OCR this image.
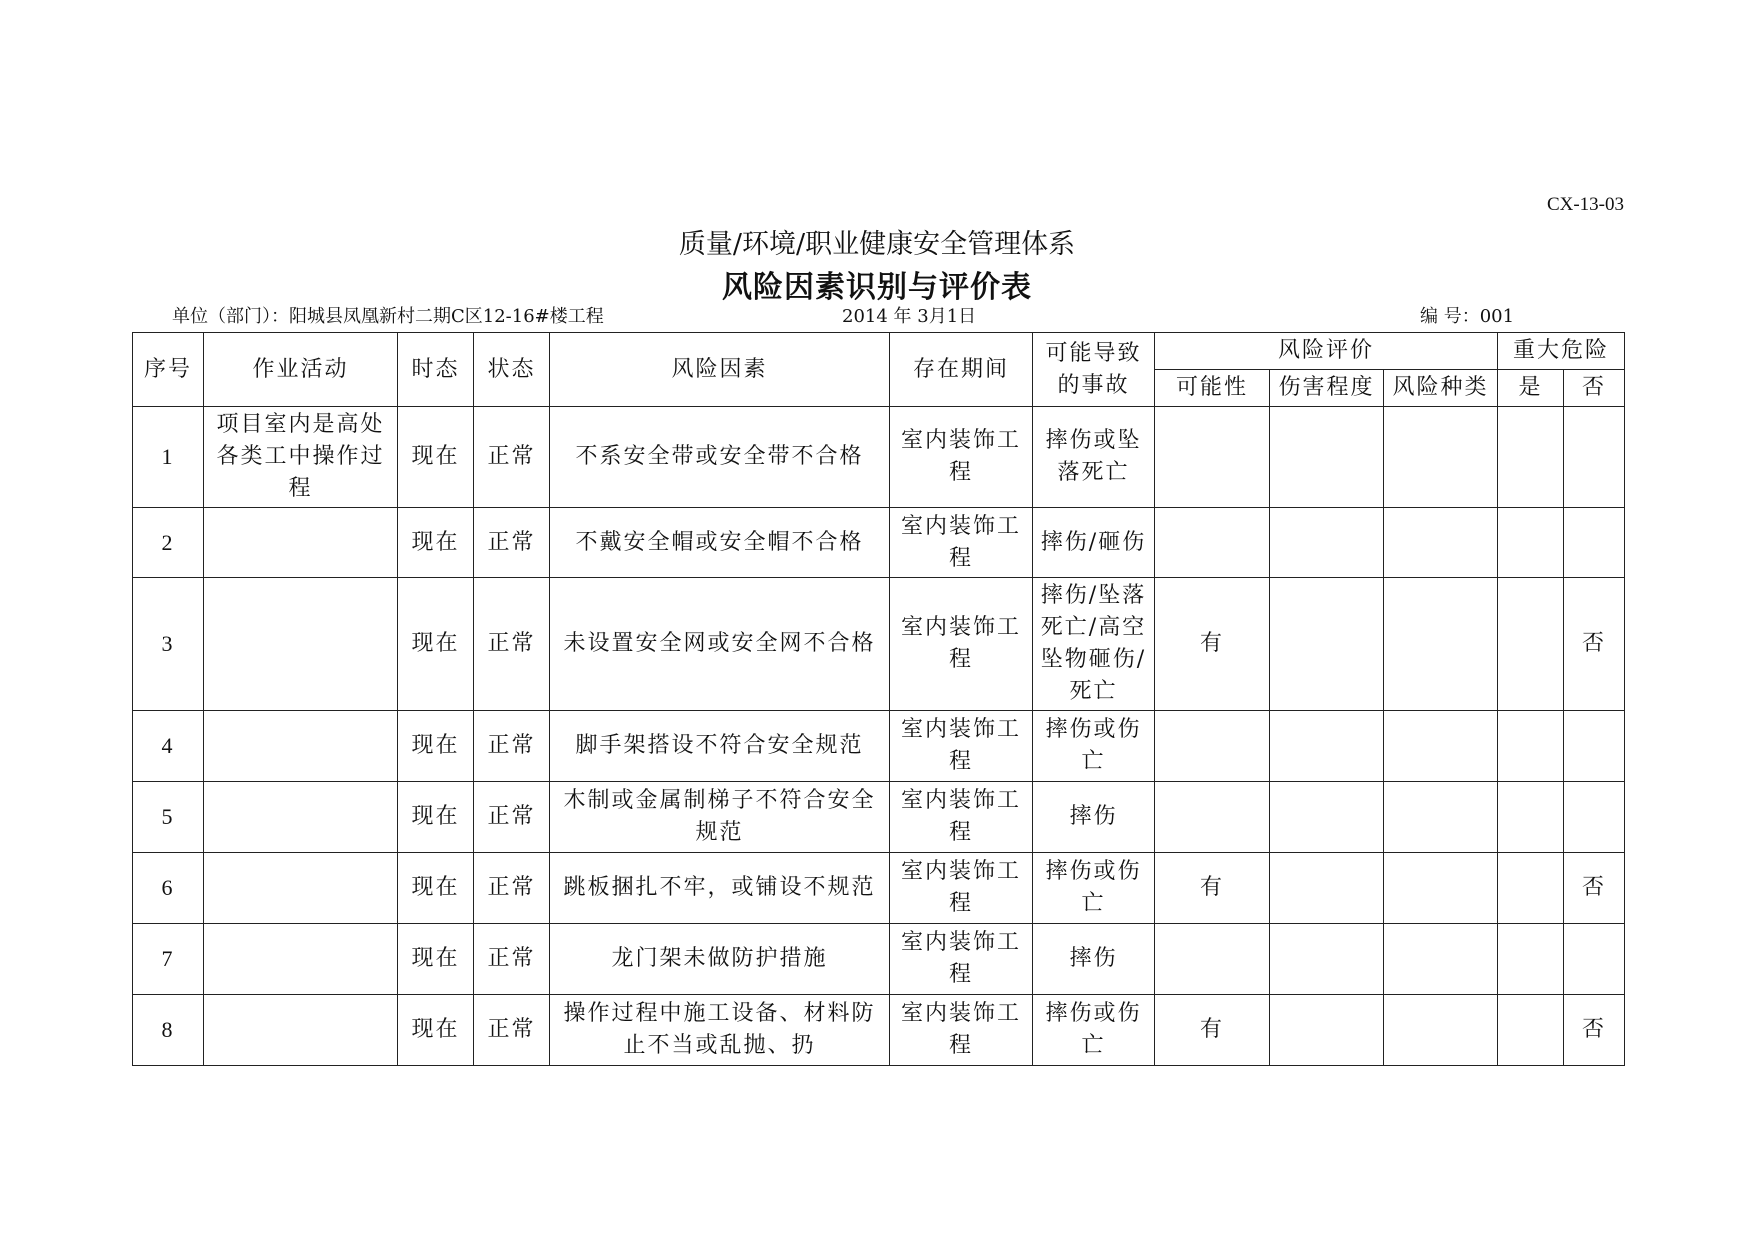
CX-13-03
质量/环境/职业健康安全管理体系
风险因素识别与评价表
单位（部门）：阳城县凤凰新村二期C区12-16#楼工程	2014 年 3月1日	编 号：001
序号	作业活动	时态	状态	风险因素	存在期间	可能导致的事故	风险评价			重大危险	
							可能性	伤害程度	风险种类	是	否
1	项目室内是高处各类工中操作过程	现在	正常	不系安全带或安全带不合格	室内装饰工程	摔伤或坠落死亡					
2		现在	正常	不戴安全帽或安全帽不合格	室内装饰工程	摔伤/砸伤					
3		现在	正常	未设置安全网或安全网不合格	室内装饰工程	摔伤/坠落死亡/高空坠物砸伤/死亡	有				否
4		现在	正常	脚手架搭设不符合安全规范	室内装饰工程	摔伤或伤亡					
5		现在	正常	木制或金属制梯子不符合安全规范	室内装饰工程	摔伤					
6		现在	正常	跳板捆扎不牢，或铺设不规范	室内装饰工程	摔伤或伤亡	有				否
7		现在	正常	龙门架未做防护措施	室内装饰工程	摔伤					
8		现在	正常	操作过程中施工设备、材料防止不当或乱抛、扔	室内装饰工程	摔伤或伤亡	有				否
